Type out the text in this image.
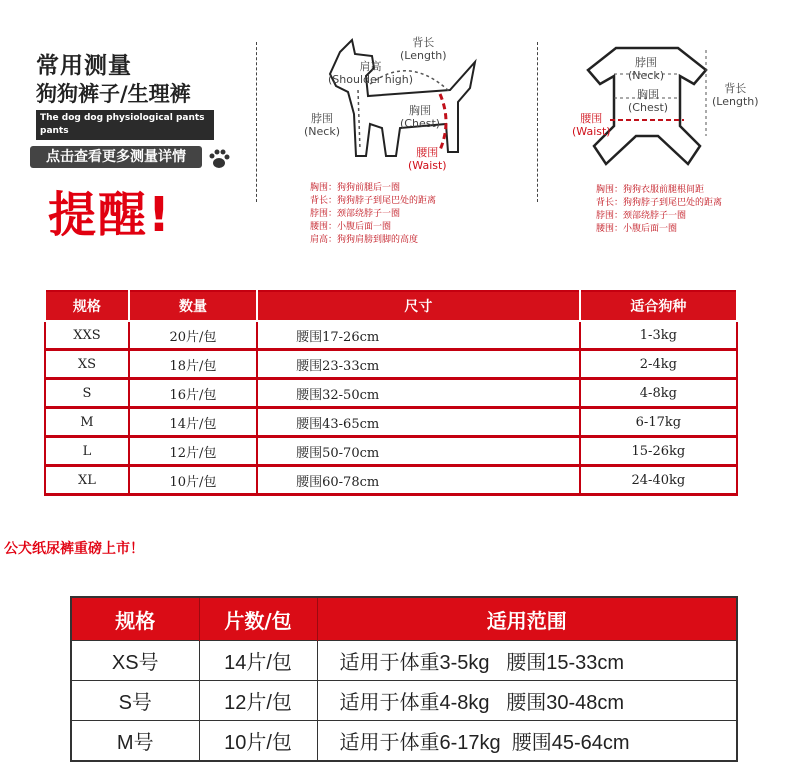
常用测量
狗狗裤子/生理裤
The dog dog physiological pants pants
点击查看更多测量详情
提醒!
背长
(Length)
肩高
(Shoulder high)
脖围
(Neck)
胸围
(Chest)
腰围
(Waist)
胸围：狗狗前腿后一圈
背长：狗狗脖子到尾巴处的距离
脖围：颈部绕脖子一圈
腰围：小腹后面一圈
肩高：狗狗肩膀到脚的高度
脖围
(Neck)
胸围
(Chest)
腰围
(Waist)
背长
(Length)
胸围：狗狗衣服前腿根间距
背长：狗狗脖子到尾巴处的距离
脖围：颈部绕脖子一圈
腰围：小腹后面一圈
规格	数量	尺寸	适合狗种
XXS	20片/包	腰围17-26cm	1-3kg
XS	18片/包	腰围23-33cm	2-4kg
S	16片/包	腰围32-50cm	4-8kg
M	14片/包	腰围43-65cm	6-17kg
L	12片/包	腰围50-70cm	15-26kg
XL	10片/包	腰围60-78cm	24-40kg
公犬纸尿裤重磅上市！
规格	片数/包	适用范围
XS号	14片/包	适用于体重3-5kg   腰围15-33cm
S号	12片/包	适用于体重4-8kg   腰围30-48cm
M号	10片/包	适用于体重6-17kg  腰围45-64cm
